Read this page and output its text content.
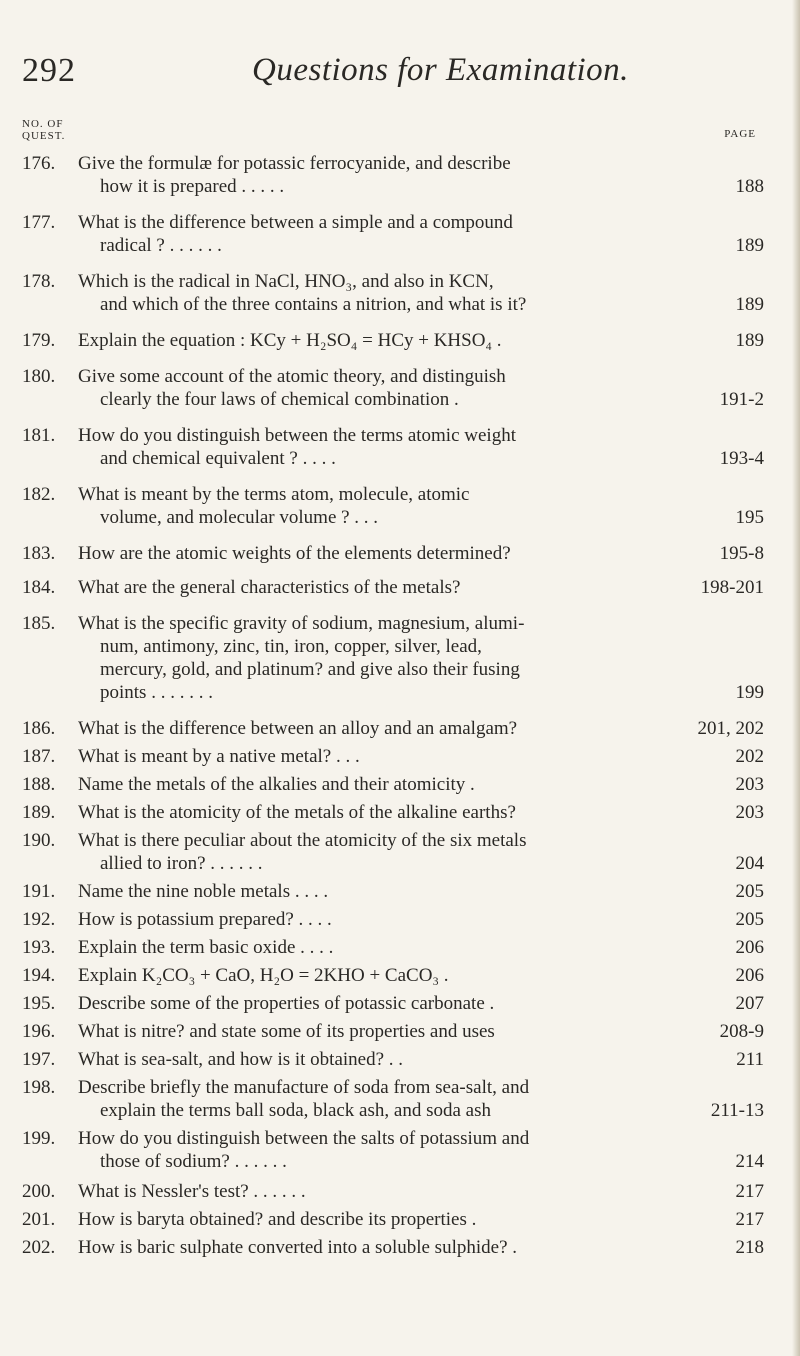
292	Questions for Examination.
NO. OF QUEST.	PAGE
176.	Give the formulæ for potassic ferrocyanide, and describe
how it is prepared . . . . .	188
177.	What is the difference between a simple and a compound
radical ? . . . . . .	189
178.	Which is the radical in NaCl, HNO₃, and also in KCN,
and which of the three contains a nitrion, and what is it?	189
179.	Explain the equation : KCy + H₂SO₄ = HCy + KHSO₄ .	189
180.	Give some account of the atomic theory, and distinguish
clearly the four laws of chemical combination .	191-2
181.	How do you distinguish between the terms atomic weight
and chemical equivalent ? . . . .	193-4
182.	What is meant by the terms atom, molecule, atomic
volume, and molecular volume ? . . .	195
183.	How are the atomic weights of the elements determined?	195-8
184.	What are the general characteristics of the metals?	198-201
185.	What is the specific gravity of sodium, magnesium, alumi-
num, antimony, zinc, tin, iron, copper, silver, lead,
mercury, gold, and platinum? and give also their fusing
points . . . . . . .	199
186.	What is the difference between an alloy and an amalgam?	201, 202
187.	What is meant by a native metal? . . .	202
188.	Name the metals of the alkalies and their atomicity .	203
189.	What is the atomicity of the metals of the alkaline earths?	203
190.	What is there peculiar about the atomicity of the six metals
allied to iron? . . . . . .	204
191.	Name the nine noble metals . . . .	205
192.	How is potassium prepared? . . . .	205
193.	Explain the term basic oxide . . . .	206
194.	Explain K₂CO₃ + CaO, H₂O = 2KHO + CaCO₃ .	206
195.	Describe some of the properties of potassic carbonate .	207
196.	What is nitre? and state some of its properties and uses	208-9
197.	What is sea-salt, and how is it obtained? . .	211
198.	Describe briefly the manufacture of soda from sea-salt, and
explain the terms ball soda, black ash, and soda ash	211-13
199.	How do you distinguish between the salts of potassium and
those of sodium? . . . . . .	214
200.	What is Nessler's test? . . . . . .	217
201.	How is baryta obtained? and describe its properties .	217
202.	How is baric sulphate converted into a soluble sulphide? .	218
